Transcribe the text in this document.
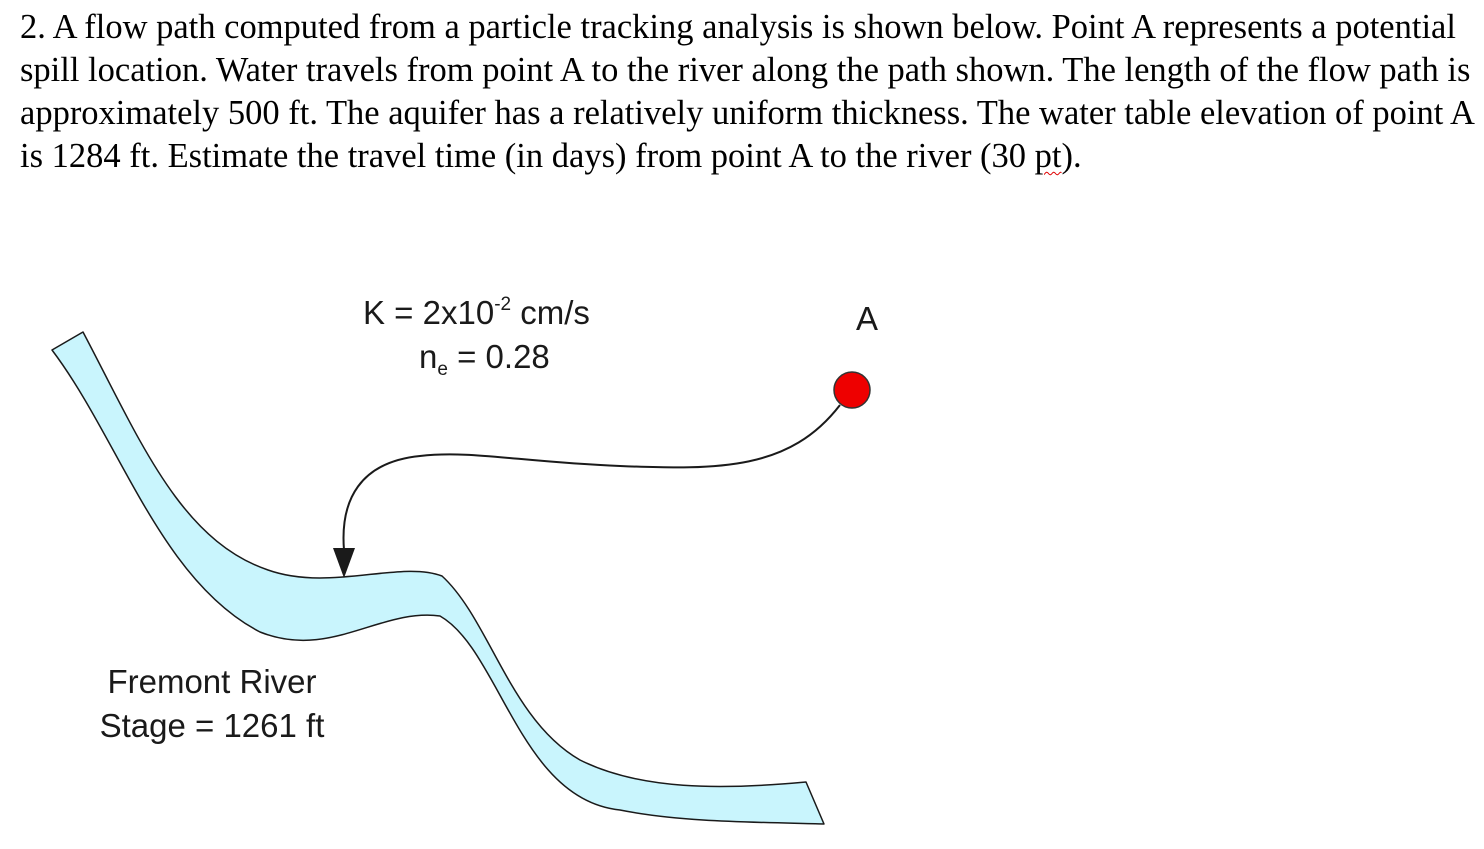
2. A flow path computed from a particle tracking analysis is shown below. Point A represents a potential spill location. Water travels from point A to the river along the path shown. The length of the flow path is approximately 500 ft. The aquifer has a relatively uniform thickness. The water table elevation of point A is 1284 ft. Estimate the travel time (in days) from point A to the river (30 pt).

$K = 2x10^{-2}$ cm/s
$n_e = 0.28$
A
Fremont River
Stage = 1261 ft
